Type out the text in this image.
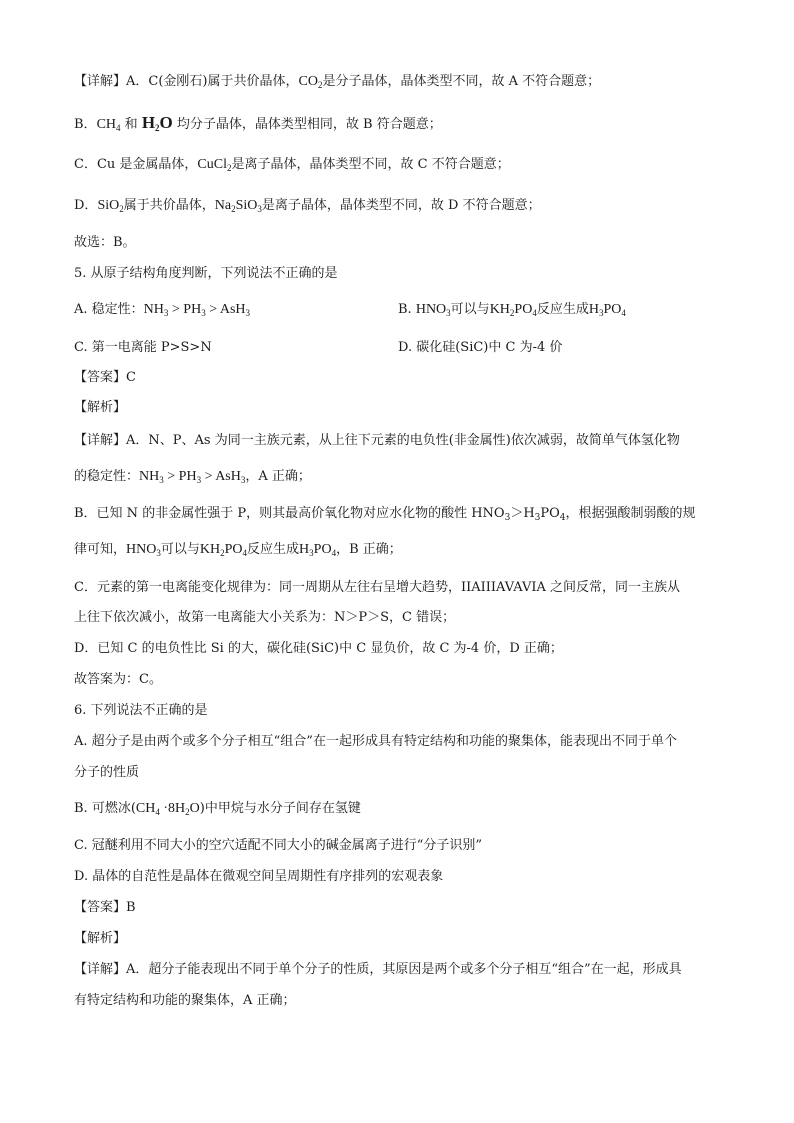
【详解】A．C(金刚石)属于共价晶体，$CO_2$是分子晶体，晶体类型不同，故 A 不符合题意；
B．$CH_4$ 和 $H_2O$ 均分子晶体，晶体类型相同，故 B 符合题意；
C．Cu 是金属晶体，CuCl$_2$是离子晶体，晶体类型不同，故 C 不符合题意；
D．SiO$_2$属于共价晶体，$Na_2SiO_3$是离子晶体，晶体类型不同，故 D 不符合题意；
故选：B。
5. 从原子结构角度判断，下列说法不正确的是
A. 稳定性：$NH_3 > PH_3 > AsH_3$	B. $HNO_3$可以与$KH_2PO_4$反应生成$H_3PO_4$
C. 第一电离能 P>S>N	D. 碳化硅(SiC)中 C 为-4 价
【答案】C
【解析】
【详解】A．N、P、As 为同一主族元素，从上往下元素的电负性(非金属性)依次减弱，故简单气体氢化物
的稳定性：$NH_3 > PH_3 > AsH_3$，A 正确；
B．已知 N 的非金属性强于 P，则其最高价氧化物对应水化物的酸性 $HNO_3>H_3PO_4$，根据强酸制弱酸的规
律可知，$HNO_3$可以与$KH_2PO_4$反应生成$H_3PO_4$，B 正确；
C．元素的第一电离能变化规律为：同一周期从左往右呈增大趋势，IIAIIIAVAVIA 之间反常，同一主族从
上往下依次减小，故第一电离能大小关系为：N＞P＞S，C 错误；
D．已知 C 的电负性比 Si 的大，碳化硅(SiC)中 C 显负价，故 C 为-4 价，D 正确；
故答案为：C。
6. 下列说法不正确的是
A. 超分子是由两个或多个分子相互“组合”在一起形成具有特定结构和功能的聚集体，能表现出不同于单个
分子的性质
B. 可燃冰$(CH_4 \cdot 8H_2O)$中甲烷与水分子间存在氢键
C. 冠醚利用不同大小的空穴适配不同大小的碱金属离子进行“分子识别”
D. 晶体的自范性是晶体在微观空间呈周期性有序排列的宏观表象
【答案】B
【解析】
【详解】A．超分子能表现出不同于单个分子的性质，其原因是两个或多个分子相互“组合”在一起，形成具
有特定结构和功能的聚集体，A 正确；
